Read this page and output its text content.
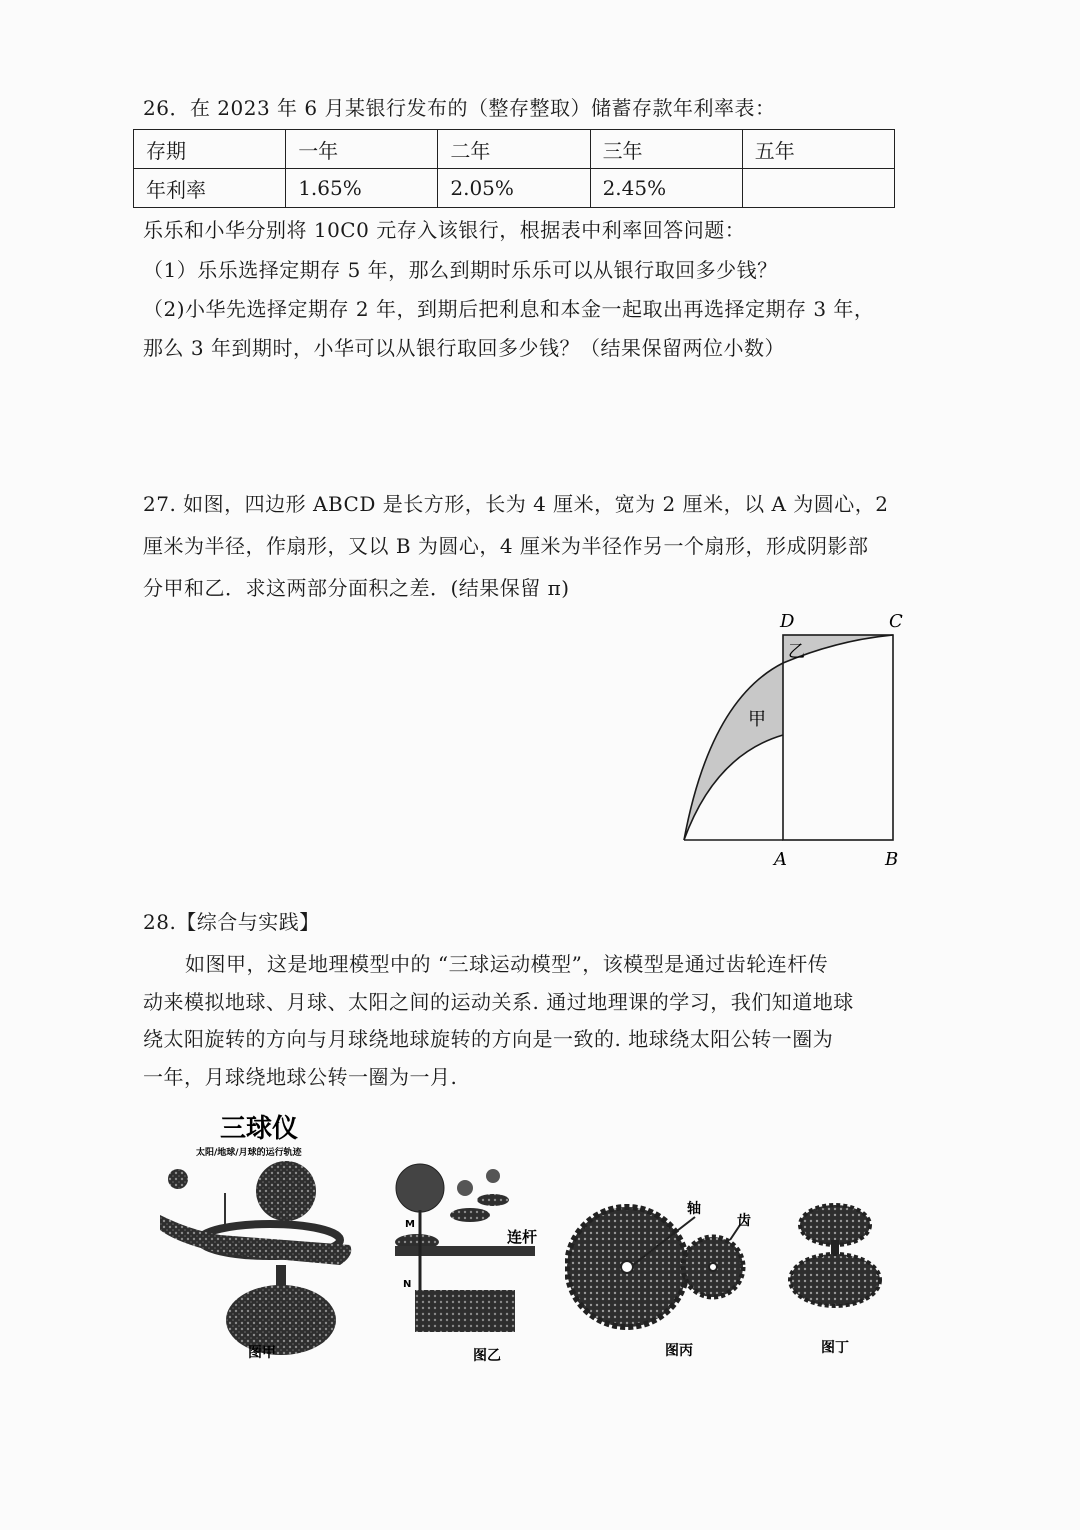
26．在 2023 年 6 月某银行发布的（整存整取）储蓄存款年利率表：
存期	一年	二年	三年	五年
年利率	1.65%	2.05%	2.45%	
乐乐和小华分别将 10C0 元存入该银行，根据表中利率回答问题：
（1）乐乐选择定期存 5 年，那么到期时乐乐可以从银行取回多少钱？
（2)小华先选择定期存 2 年，到期后把利息和本金一起取出再选择定期存 3 年，
那么 3 年到期时，小华可以从银行取回多少钱？（结果保留两位小数）
27. 如图，四边形 ABCD 是长方形，长为 4 厘米，宽为 2 厘米，以 A 为圆心，2
厘米为半径，作扇形，又以 B 为圆心，4 厘米为半径作另一个扇形，形成阴影部
分甲和乙．求这两部分面积之差．(结果保留 π)
D	C
A	B
甲
乙
28.【综合与实践】
如图甲，这是地理模型中的 “三球运动模型”，该模型是通过齿轮连杆传
动来模拟地球、月球、太阳之间的运动关系. 通过地理课的学习，我们知道地球
绕太阳旋转的方向与月球绕地球旋转的方向是一致的. 地球绕太阳公转一圈为
一年，月球绕地球公转一圈为一月.
三球仪
太阳/地球/月球的运行轨迹
图甲
M
N
连杆
图乙
轴
齿
图丙	图丁
